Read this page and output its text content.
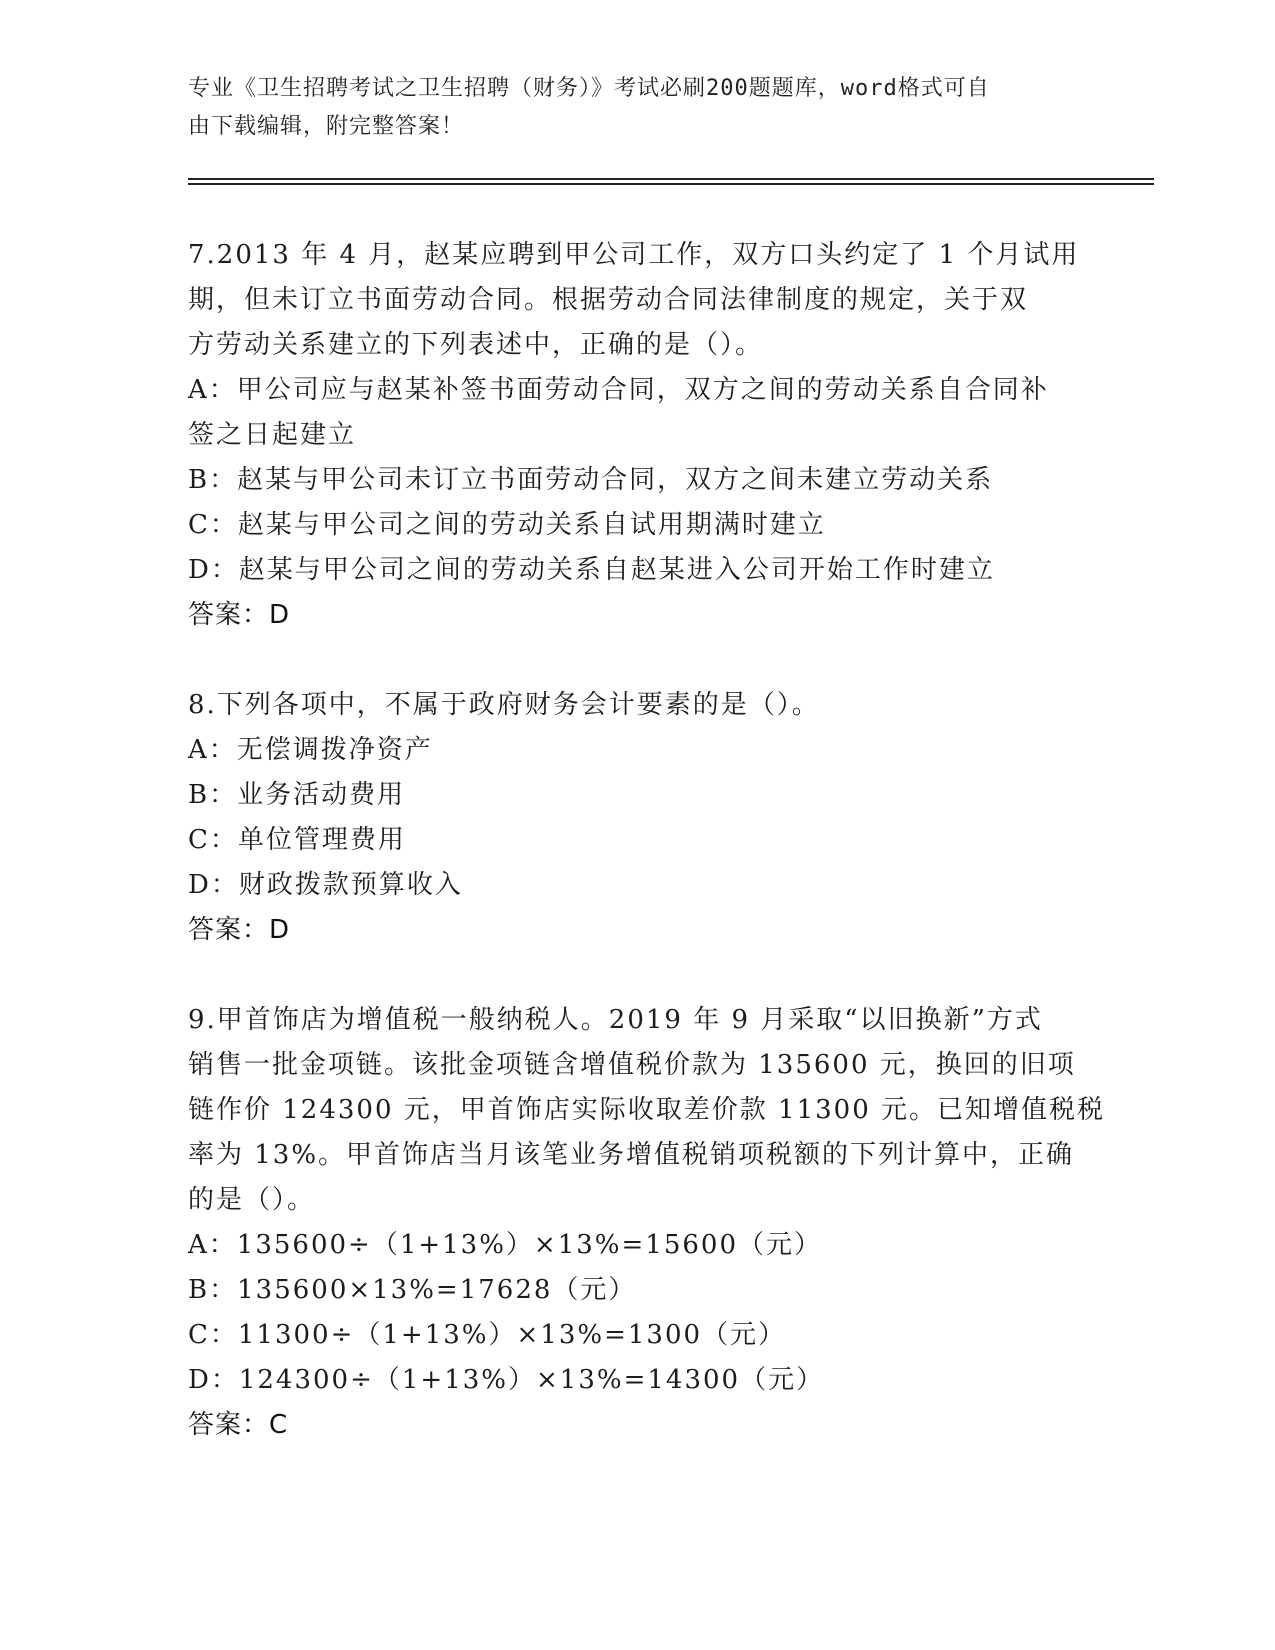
专业《卫生招聘考试之卫生招聘（财务）》考试必刷200题题库，word格式可自
由下载编辑，附完整答案！
7.2013 年 4 月，赵某应聘到甲公司工作，双方口头约定了 1 个月试用
期，但未订立书面劳动合同。根据劳动合同法律制度的规定，关于双
方劳动关系建立的下列表述中，正确的是（）。
A：甲公司应与赵某补签书面劳动合同，双方之间的劳动关系自合同补
签之日起建立
B：赵某与甲公司未订立书面劳动合同，双方之间未建立劳动关系
C：赵某与甲公司之间的劳动关系自试用期满时建立
D：赵某与甲公司之间的劳动关系自赵某进入公司开始工作时建立
答案：D
8.下列各项中，不属于政府财务会计要素的是（）。
A：无偿调拨净资产
B：业务活动费用
C：单位管理费用
D：财政拨款预算收入
答案：D
9.甲首饰店为增值税一般纳税人。2019 年 9 月采取“以旧换新”方式
销售一批金项链。该批金项链含增值税价款为 135600 元，换回的旧项
链作价 124300 元，甲首饰店实际收取差价款 11300 元。已知增值税税
率为 13%。甲首饰店当月该笔业务增值税销项税额的下列计算中，正确
的是（）。
A：135600÷（1+13%）×13%=15600（元）
B：135600×13%=17628（元）
C：11300÷（1+13%）×13%=1300（元）
D：124300÷（1+13%）×13%=14300（元）
答案：C
